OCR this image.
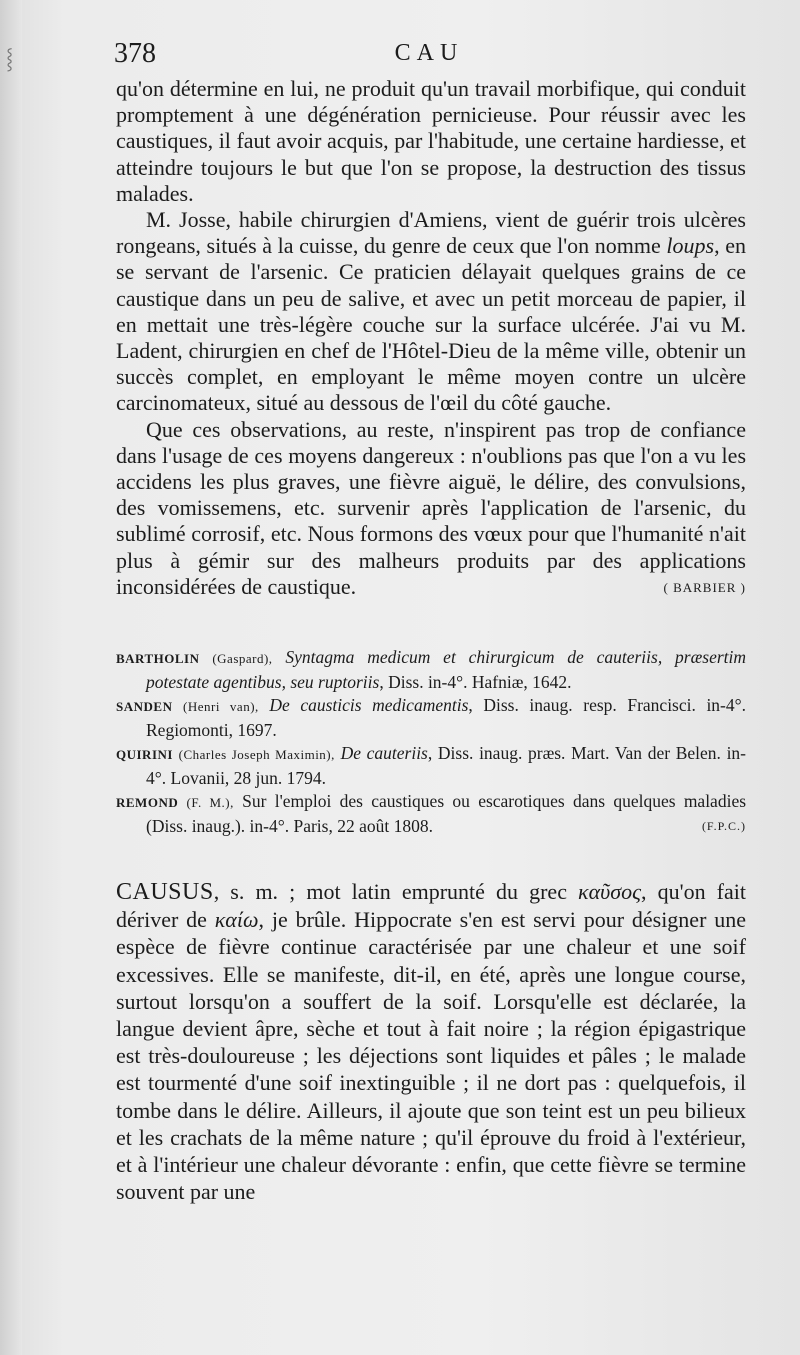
⸾	378	CAU

qu'on détermine en lui, ne produit qu'un travail morbifique, qui conduit promptement à une dégénération pernicieuse. Pour réussir avec les caustiques, il faut avoir acquis, par l'habitude, une certaine hardiesse, et atteindre toujours le but que l'on se propose, la destruction des tissus malades.

M. Josse, habile chirurgien d'Amiens, vient de guérir trois ulcères rongeans, situés à la cuisse, du genre de ceux que l'on nomme loups, en se servant de l'arsenic. Ce praticien délayait quelques grains de ce caustique dans un peu de salive, et avec un petit morceau de papier, il en mettait une très-légère couche sur la surface ulcérée. J'ai vu M. Ladent, chirurgien en chef de l'Hôtel-Dieu de la même ville, obtenir un succès complet, en employant le même moyen contre un ulcère carcinomateux, situé au dessous de l'œil du côté gauche.

Que ces observations, au reste, n'inspirent pas trop de confiance dans l'usage de ces moyens dangereux : n'oublions pas que l'on a vu les accidens les plus graves, une fièvre aiguë, le délire, des convulsions, des vomissemens, etc. survenir après l'application de l'arsenic, du sublimé corrosif, etc. Nous formons des vœux pour que l'humanité n'ait plus à gémir sur des malheurs produits par des applications inconsidérées de caustique.	( BARBIER )
BARTHOLIN (Gaspard), Syntagma medicum et chirurgicum de cauteriis, præsertim potestate agentibus, seu ruptoriis, Diss. in-4°. Hafniæ, 1642.
SANDEN (Henri van), De causticis medicamentis, Diss. inaug. resp. Francisci. in-4°. Regiomonti, 1697.
QUIRINI (Charles Joseph Maximin), De cauteriis, Diss. inaug. præs. Mart. Van der Belen. in-4°. Lovanii, 28 jun. 1794.
REMOND (F. M.), Sur l'emploi des caustiques ou escarotiques dans quelques maladies (Diss. inaug.). in-4°. Paris, 22 août 1808.	(F.P.C.)

CAUSUS, s. m. ; mot latin emprunté du grec καῦσος, qu'on fait dériver de καίω, je brûle. Hippocrate s'en est servi pour désigner une espèce de fièvre continue caractérisée par une chaleur et une soif excessives. Elle se manifeste, dit-il, en été, après une longue course, surtout lorsqu'on a souffert de la soif. Lorsqu'elle est déclarée, la langue devient âpre, sèche et tout à fait noire ; la région épigastrique est très-douloureuse ; les déjections sont liquides et pâles ; le malade est tourmenté d'une soif inextinguible ; il ne dort pas : quelquefois, il tombe dans le délire. Ailleurs, il ajoute que son teint est un peu bilieux et les crachats de la même nature ; qu'il éprouve du froid à l'extérieur, et à l'intérieur une chaleur dévorante : enfin, que cette fièvre se termine souvent par une
